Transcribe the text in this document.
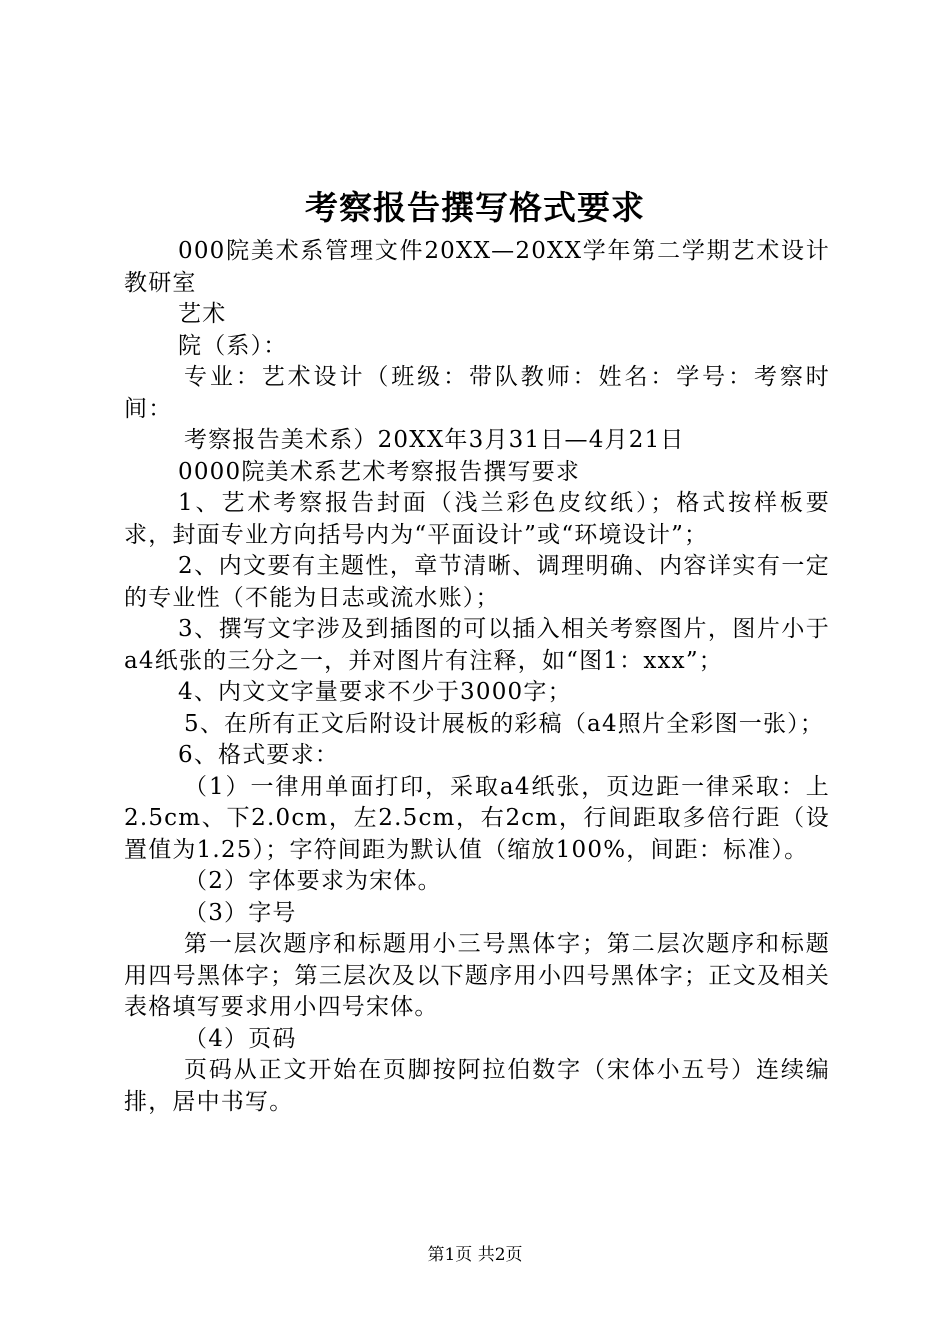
考察报告撰写格式要求

000院美术系管理文件20XX—20XX学年第二学期艺术设计教研室

艺术

院（系）：

专业：艺术设计（班级：带队教师：姓名：学号：考察时间：

考察报告美术系）20XX年3月31日—4月21日

0000院美术系艺术考察报告撰写要求

1、艺术考察报告封面（浅兰彩色皮纹纸）；格式按样板要求，封面专业方向括号内为“平面设计”或“环境设计”；

2、内文要有主题性，章节清晰、调理明确、内容详实有一定的专业性（不能为日志或流水账）；

3、撰写文字涉及到插图的可以插入相关考察图片，图片小于a4纸张的三分之一，并对图片有注释，如“图1：xxx”；

4、内文文字量要求不少于3000字；

5、在所有正文后附设计展板的彩稿（a4照片全彩图一张）；

6、格式要求：

（1）一律用单面打印，采取a4纸张，页边距一律采取：上2.5cm、下2.0cm，左2.5cm，右2cm，行间距取多倍行距（设置值为1.25）；字符间距为默认值（缩放100%，间距：标准）。

（2）字体要求为宋体。

（3）字号

第一层次题序和标题用小三号黑体字；第二层次题序和标题用四号黑体字；第三层次及以下题序用小四号黑体字；正文及相关表格填写要求用小四号宋体。

（4）页码

页码从正文开始在页脚按阿拉伯数字（宋体小五号）连续编排，居中书写。

第1页 共2页
